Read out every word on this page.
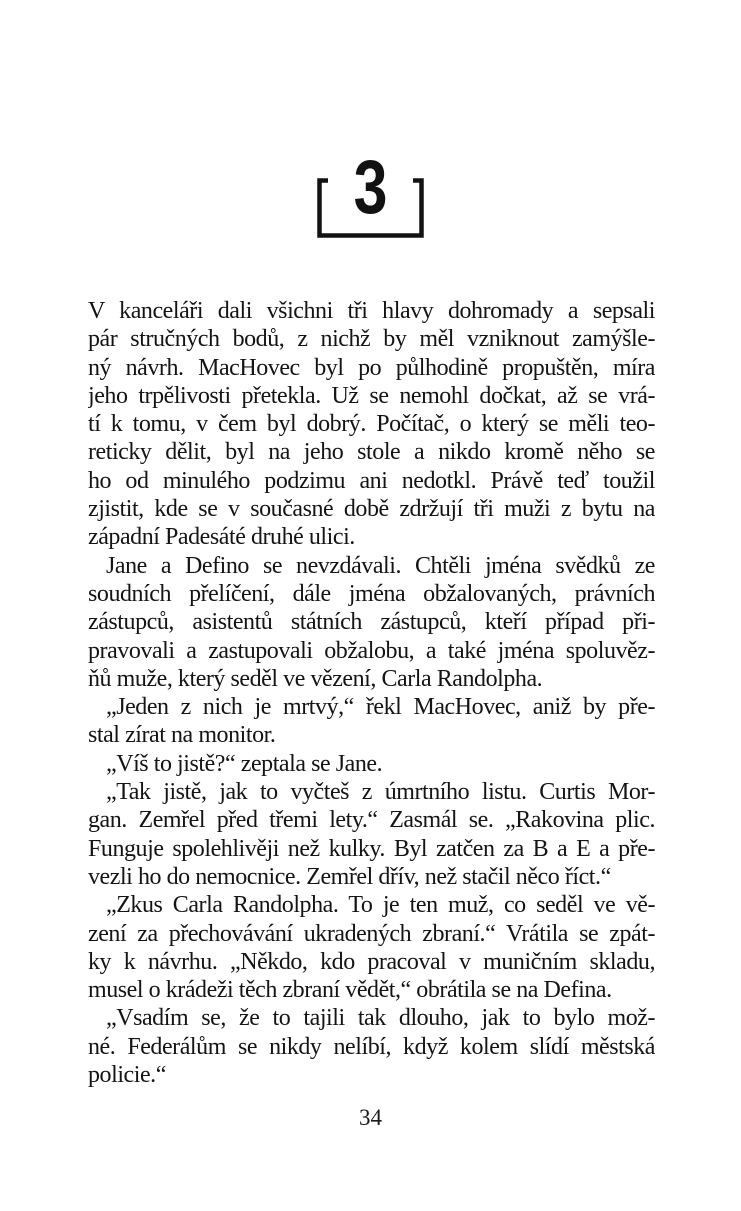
3
V kanceláři dali všichni tři hlavy dohromady a sepsali
pár stručných bodů, z nichž by měl vzniknout zamýšle-
ný návrh. MacHovec byl po půlhodině propuštěn, míra
jeho trpělivosti přetekla. Už se nemohl dočkat, až se vrá-
tí k tomu, v čem byl dobrý. Počítač, o který se měli teo-
reticky dělit, byl na jeho stole a nikdo kromě něho se
ho od minulého podzimu ani nedotkl. Právě teď toužil
zjistit, kde se v současné době zdržují tři muži z bytu na
západní Padesáté druhé ulici.
Jane a Defino se nevzdávali. Chtěli jména svědků ze
soudních přelíčení, dále jména obžalovaných, právních
zástupců, asistentů státních zástupců, kteří případ při-
pravovali a zastupovali obžalobu, a také jména spoluvěz-
ňů muže, který seděl ve vězení, Carla Randolpha.
„Jeden z nich je mrtvý,“ řekl MacHovec, aniž by pře-
stal zírat na monitor.
„Víš to jistě?“ zeptala se Jane.
„Tak jistě, jak to vyčteš z úmrtního listu. Curtis Mor-
gan. Zemřel před třemi lety.“ Zasmál se. „Rakovina plic.
Funguje spolehlivěji než kulky. Byl zatčen za B a E a pře-
vezli ho do nemocnice. Zemřel dřív, než stačil něco říct.“
„Zkus Carla Randolpha. To je ten muž, co seděl ve vě-
zení za přechovávání ukradených zbraní.“ Vrátila se zpát-
ky k návrhu. „Někdo, kdo pracoval v muničním skladu,
musel o krádeži těch zbraní vědět,“ obrátila se na Defina.
„Vsadím se, že to tajili tak dlouho, jak to bylo mož-
né. Federálům se nikdy nelíbí, když kolem slídí městská
policie.“
34
